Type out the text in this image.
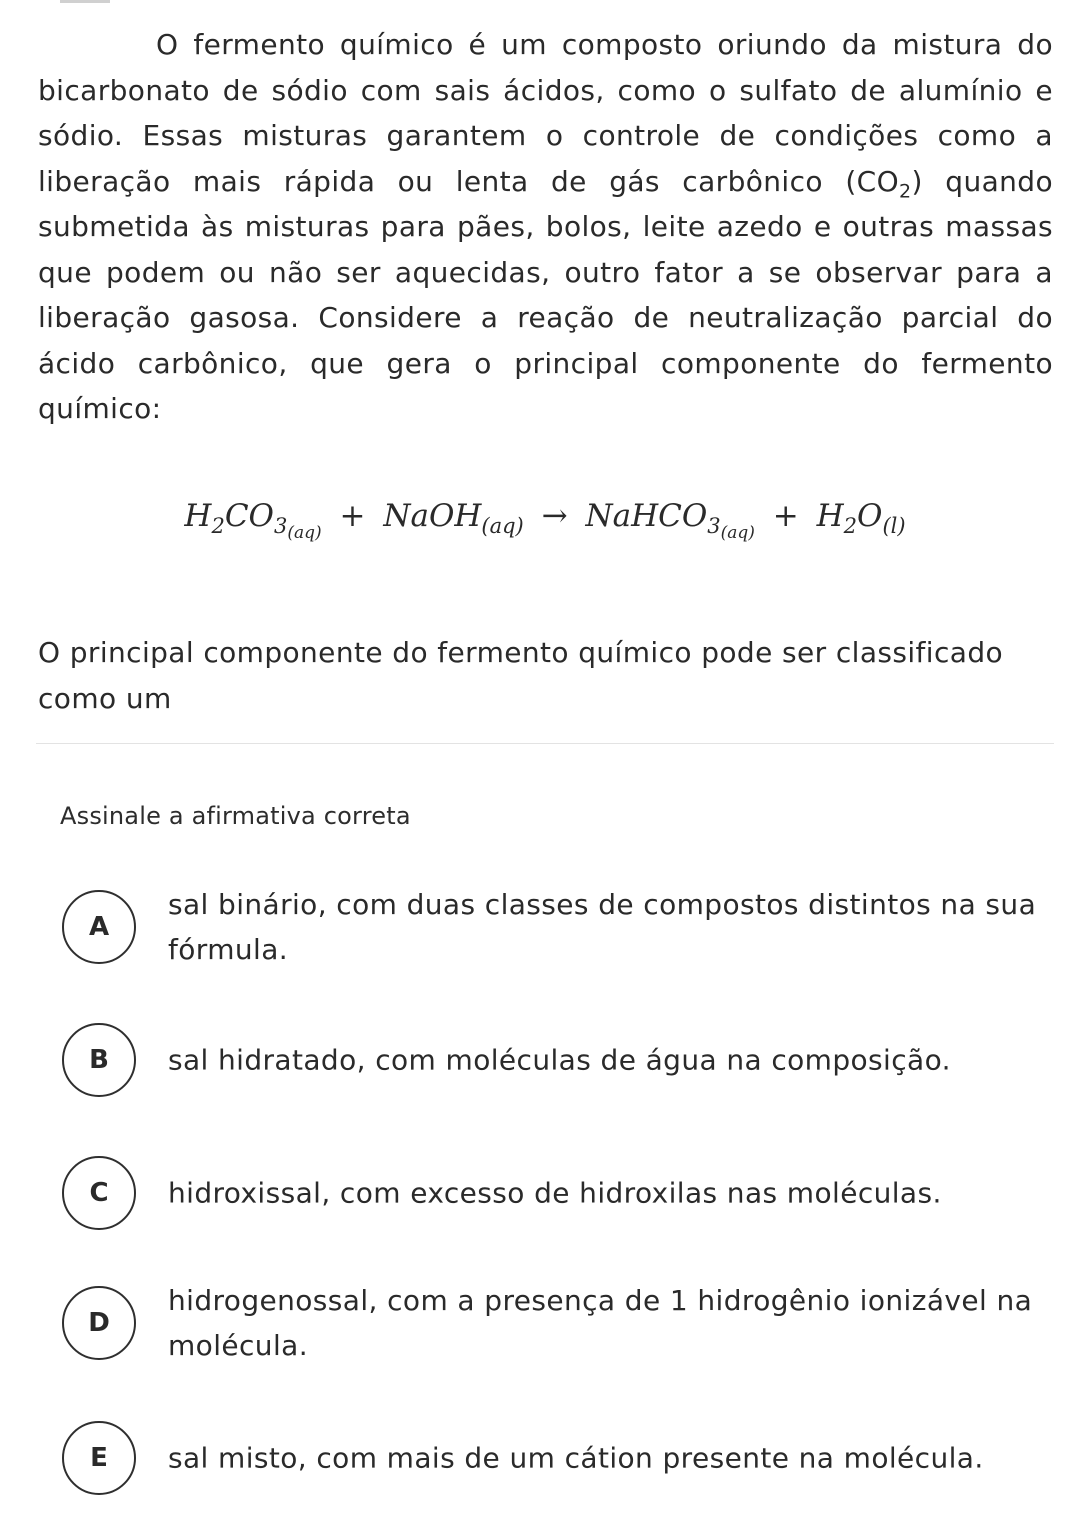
O fermento químico é um composto oriundo da mistura do bicarbonato de sódio com sais ácidos, como o sulfato de alumínio e sódio. Essas misturas garantem o controle de condições como a liberação mais rápida ou lenta de gás carbônico $(CO_2)$ quando submetida às misturas para pães, bolos, leite azedo e outras massas que podem ou não ser aquecidas, outro fator a se observar para a liberação gasosa. Considere a reação de neutralização parcial do ácido carbônico, que gera o principal componente do fermento químico:

$H_2CO_{3_{(aq)}}$ + NaOH$_{(aq)}$ → NaHCO$_{3_{(aq)}}$ + $H_2O_{(l)}$

O principal componente do fermento químico pode ser classificado como um

Assinale a afirmativa correta
A
sal binário, com duas classes de compostos distintos na sua fórmula.
B	sal hidratado, com moléculas de água na composição.
C	hidroxissal, com excesso de hidroxilas nas moléculas.
D
hidrogenossal, com a presença de 1 hidrogênio ionizável na molécula.
E	sal misto, com mais de um cátion presente na molécula.
